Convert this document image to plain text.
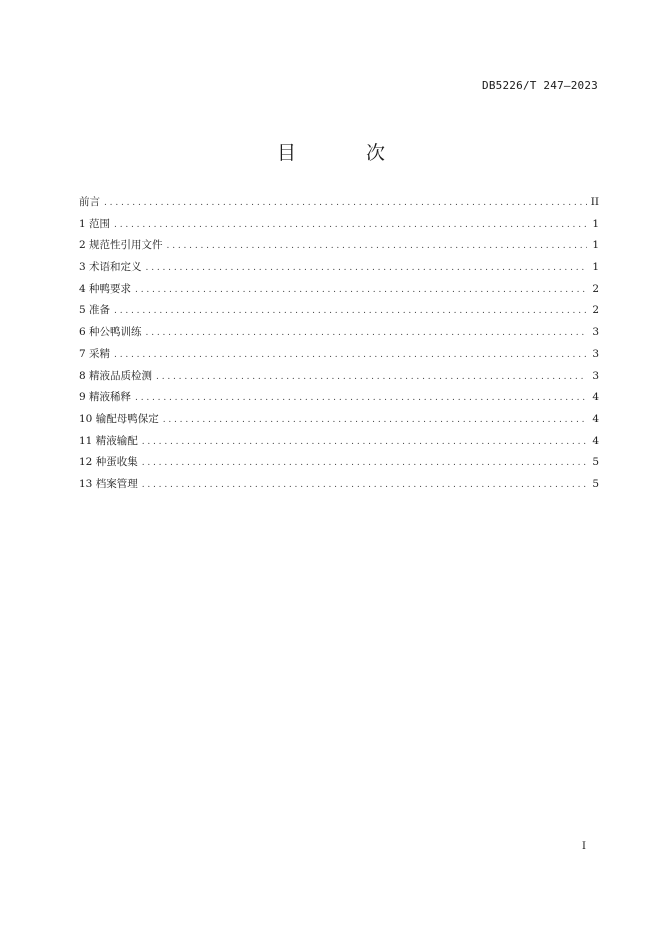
DB5226/T 247—2023
目 次
前言 .....	II
1 范围 .....	1
2 规范性引用文件 .....	1
3 术语和定义 .....	1
4 种鸭要求 .....	2
5 准备 .....	2
6 种公鸭训练 .....	3
7 采精 .....	3
8 精液品质检测 .....	3
9 精液稀释 .....	4
10 输配母鸭保定 .....	4
11 精液输配 .....	4
12 种蛋收集 .....	5
13 档案管理 .....	5
I
